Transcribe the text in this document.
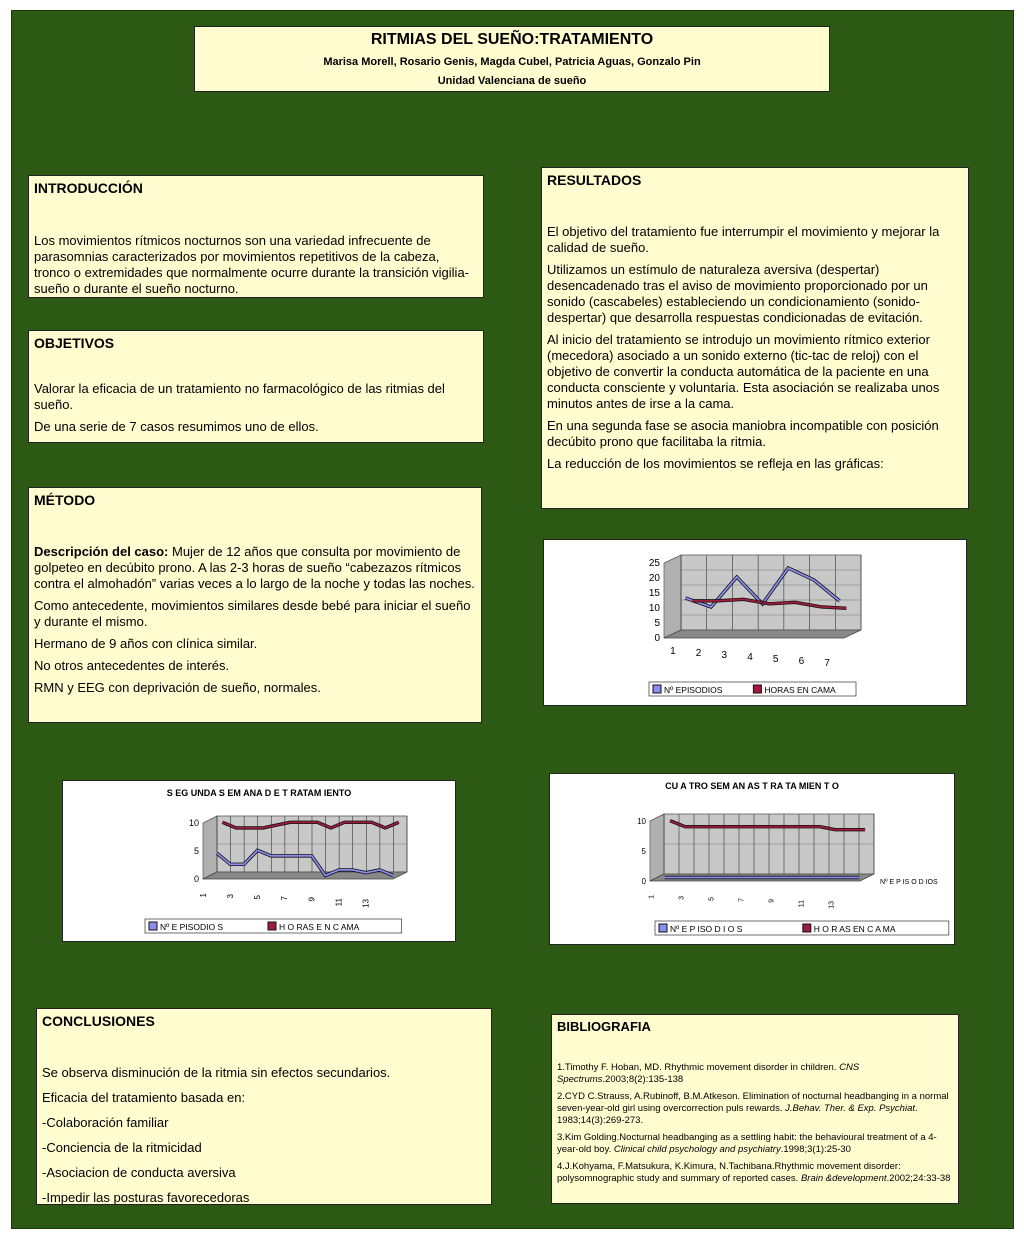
RITMIAS DEL SUEÑO:TRATAMIENTO
Marisa Morell, Rosario Genis, Magda Cubel, Patricia Aguas, Gonzalo Pin
Unidad Valenciana de sueño
INTRODUCCIÓN

Los movimientos rítmicos nocturnos son una variedad infrecuente de parasomnias caracterizados por movimientos repetitivos de la cabeza, tronco o extremidades que normalmente ocurre durante la transición vigilia-sueño o durante el sueño nocturno.

OBJETIVOS

Valorar la eficacia de un tratamiento no farmacológico de las ritmias del sueño.

De una serie de 7 casos resumimos uno de ellos.

MÉTODO

Descripción del caso: Mujer de 12 años que consulta por movimiento de golpeteo en decúbito prono. A las 2-3 horas de sueño “cabezazos rítmicos contra el almohadón” varias veces a lo largo de la noche y todas las noches.

Como antecedente, movimientos similares desde bebé para iniciar el sueño y durante el mismo.

Hermano de 9 años con clínica similar.

No otros antecedentes de interés.

RMN y EEG con deprivación de sueño, normales.

RESULTADOS

El objetivo del tratamiento fue interrumpir el movimiento y mejorar la calidad de sueño.

Utilizamos un estímulo de naturaleza aversiva (despertar) desencadenado tras el aviso de movimiento proporcionado por un sonido (cascabeles) estableciendo un condicionamiento (sonido-despertar) que desarrolla respuestas condicionadas de evitación.

Al inicio del tratamiento se introdujo un movimiento rítmico exterior (mecedora) asociado a un sonido externo (tic-tac de reloj) con el objetivo de convertir la conducta automática de la paciente en una conducta consciente y voluntaria. Esta asociación se realizaba unos minutos antes de irse a la cama.

En una segunda fase se asocia maniobra incompatible con posición decúbito prono que facilitaba la ritmia.

La reducción de los movimientos se refleja en las gráficas:

0
5
10
15
20
25
1 2 3 4 5 6 7
Nº EPISODIOS	HORAS EN CAMA
0
5
10
1 3 5 7 9 11 13
S EG UNDA S EM ANA D E T RATAM IENTO
Nº E PISODIO S	H O RAS E N C AMA
0
5
10
1	3	5	7	9	11	13
CU A TRO SEM AN AS T RA TA MIEN T O
Nº E P IS O D IOS
Nº E P ISO D I O S	H O R AS EN C A MA
CONCLUSIONES

Se observa disminución de la ritmia sin efectos secundarios.

Eficacia del tratamiento basada en:

-Colaboración familiar

-Conciencia de la ritmicidad

-Asociacion de conducta aversiva

-Impedir las posturas favorecedoras

BIBLIOGRAFIA

1.Timothy F. Hoban, MD. Rhythmic movement disorder in children. CNS Spectrums.2003;8(2):135-138

2.CYD C.Strauss, A.Rubinoff, B.M.Atkeson. Elimination of nocturnal headbanging in a normal seven-year-old girl using overcorrection puls rewards. J.Behav. Ther. & Exp. Psychiat. 1983;14(3):269-273.

3.Kim Golding.Nocturnal headbanging as a settling habit: the behavioural treatment of a 4-year-old boy. Clinical child psychology and psychiatry.1998;3(1):25-30

4.J.Kohyama, F.Matsukura, K.Kimura, N.Tachibana.Rhythmic movement disorder: polysomnographic study and summary of reported cases. Brain &development.2002;24:33-38
